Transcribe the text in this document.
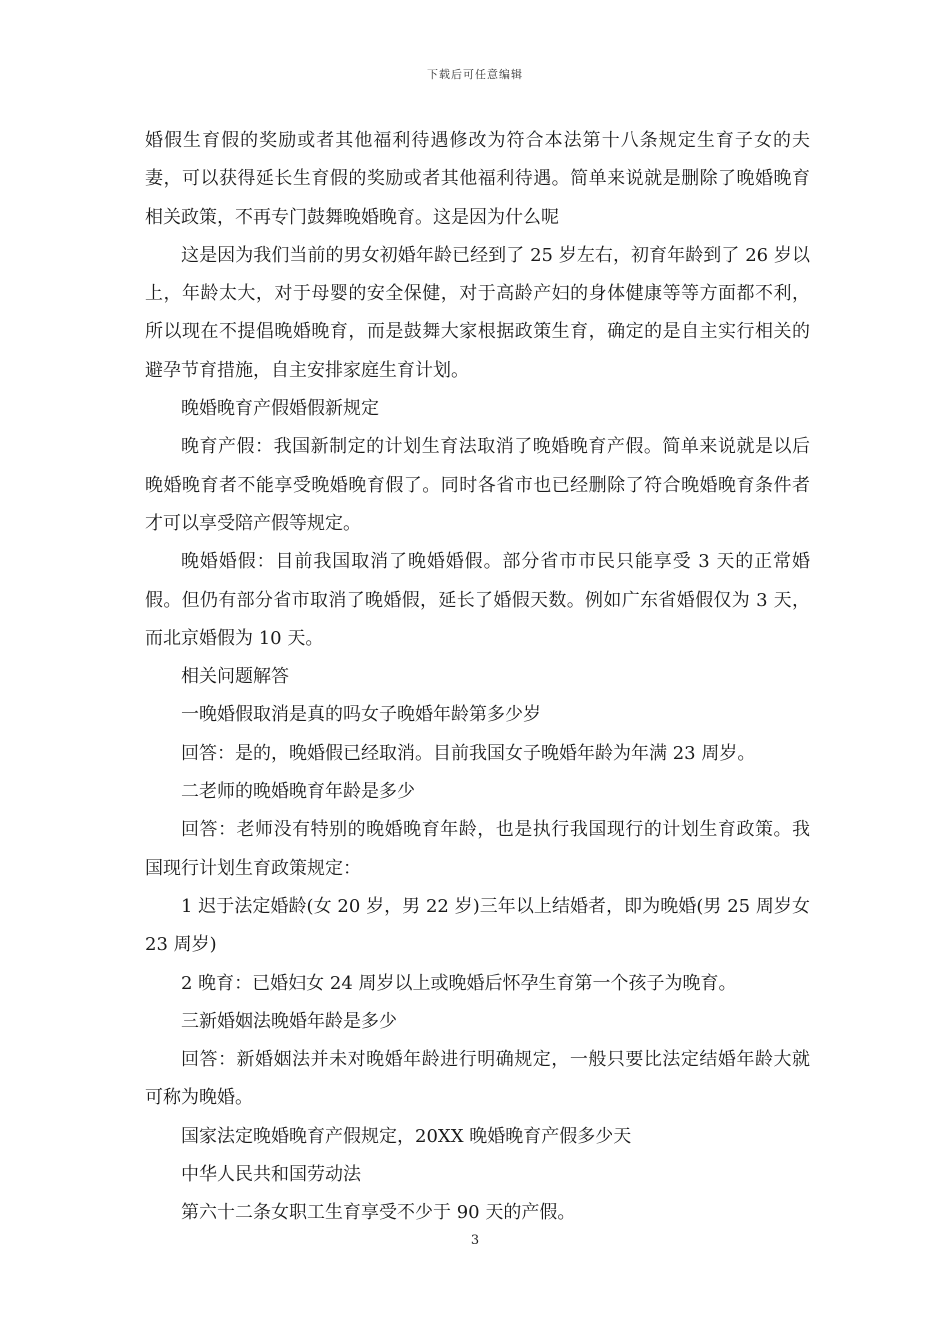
下载后可任意编辑

婚假生育假的奖励或者其他福利待遇修改为符合本法第十八条规定生育子女的夫妻，可以获得延长生育假的奖励或者其他福利待遇。简单来说就是删除了晚婚晚育相关政策，不再专门鼓舞晚婚晚育。这是因为什么呢

这是因为我们当前的男女初婚年龄已经到了 25 岁左右，初育年龄到了 26 岁以上，年龄太大，对于母婴的安全保健，对于高龄产妇的身体健康等等方面都不利，所以现在不提倡晚婚晚育，而是鼓舞大家根据政策生育，确定的是自主实行相关的避孕节育措施，自主安排家庭生育计划。

晚婚晚育产假婚假新规定

晚育产假：我国新制定的计划生育法取消了晚婚晚育产假。简单来说就是以后晚婚晚育者不能享受晚婚晚育假了。同时各省市也已经删除了符合晚婚晚育条件者才可以享受陪产假等规定。

晚婚婚假：目前我国取消了晚婚婚假。部分省市市民只能享受 3 天的正常婚假。但仍有部分省市取消了晚婚假，延长了婚假天数。例如广东省婚假仅为 3 天，而北京婚假为 10 天。

相关问题解答

一晚婚假取消是真的吗女子晚婚年龄第多少岁

回答：是的，晚婚假已经取消。目前我国女子晚婚年龄为年满 23 周岁。

二老师的晚婚晚育年龄是多少

回答：老师没有特别的晚婚晚育年龄，也是执行我国现行的计划生育政策。我国现行计划生育政策规定：

1 迟于法定婚龄(女 20 岁，男 22 岁)三年以上结婚者，即为晚婚(男 25 周岁女 23 周岁)

2 晚育：已婚妇女 24 周岁以上或晚婚后怀孕生育第一个孩子为晚育。

三新婚姻法晚婚年龄是多少

回答：新婚姻法并未对晚婚年龄进行明确规定，一般只要比法定结婚年龄大就可称为晚婚。

国家法定晚婚晚育产假规定，20XX 晚婚晚育产假多少天

中华人民共和国劳动法

第六十二条女职工生育享受不少于 90 天的产假。

3
